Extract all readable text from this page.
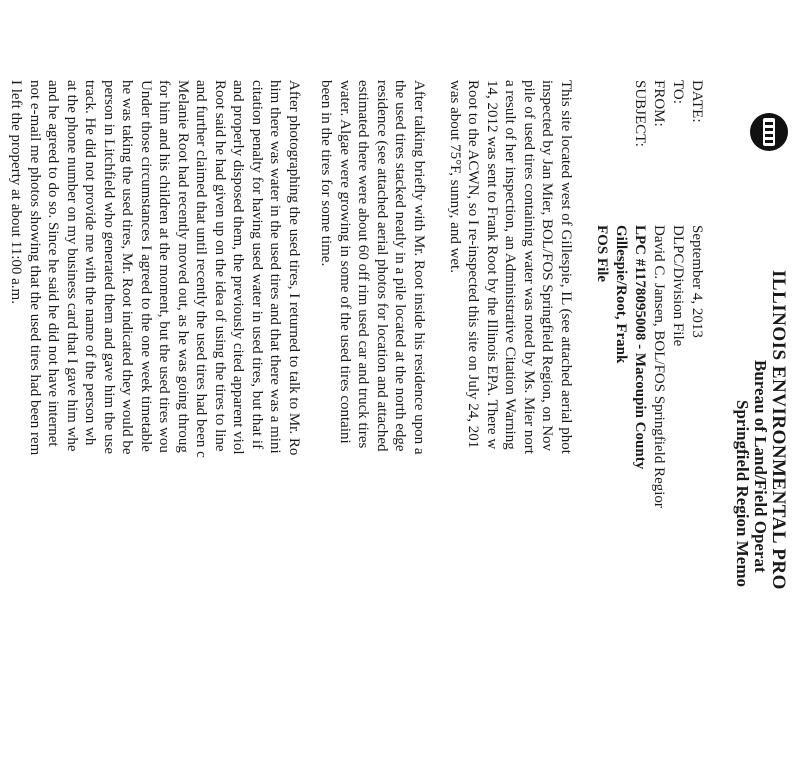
ILLINOIS ENVIRONMENTAL PRO
Bureau of Land/Field Operat
Springfield Region Memo
DATE:
September 4, 2013
TO:
DLPC/Division File
FROM:
David C. Jansen, BOL/FOS Springfield Regior
SUBJECT:
LPC #1178095008 - Macoupin County
Gillespie/Root, Frank
FOS File
This site located west of Gillespie, IL (see attached aerial phot
inspected by Jan Mier, BOL/FOS Springfield Region, on Nov
pile of used tires containing water was noted by Ms. Mier nort
a result of her inspection, an Administrative Citation Warning
14, 2012 was sent to Frank Root by the Illinois EPA. There w
Root to the ACWN, so I re-inspected this site on July 24, 201
was about 75°F, sunny, and wet.
After talking briefly with Mr. Root inside his residence upon a
the used tires stacked neatly in a pile located at the north edge
residence (see attached aerial photos for location and attached
estimated there were about 60 off rim used car and truck tires
water. Algae were growing in some of the used tires containi
been in the tires for some time.
After photographing the used tires, I returned to talk to Mr. Ro
him there was water in the used tires and that there was a mini
citation penalty for having used water in used tires, but that if
and properly disposed them, the previously cited apparent viol
Root said he had given up on the idea of using the tires to line
and further claimed that until recently the used tires had been c
Melanie Root had recently moved out, as he was going throug
for him and his children at the moment, but the used tires wou
Under those circumstances I agreed to the one week timetable
he was taking the used tires, Mr. Root indicated they would be
person in Litchfield who generated them and gave him the use
track. He did not provide me with the name of the person wh
at the phone number on my business card that I gave him whe
and he agreed to do so. Since he said he did not have internet
not e-mail me photos showing that the used tires had been rem
I left the property at about 11:00 a.m.
